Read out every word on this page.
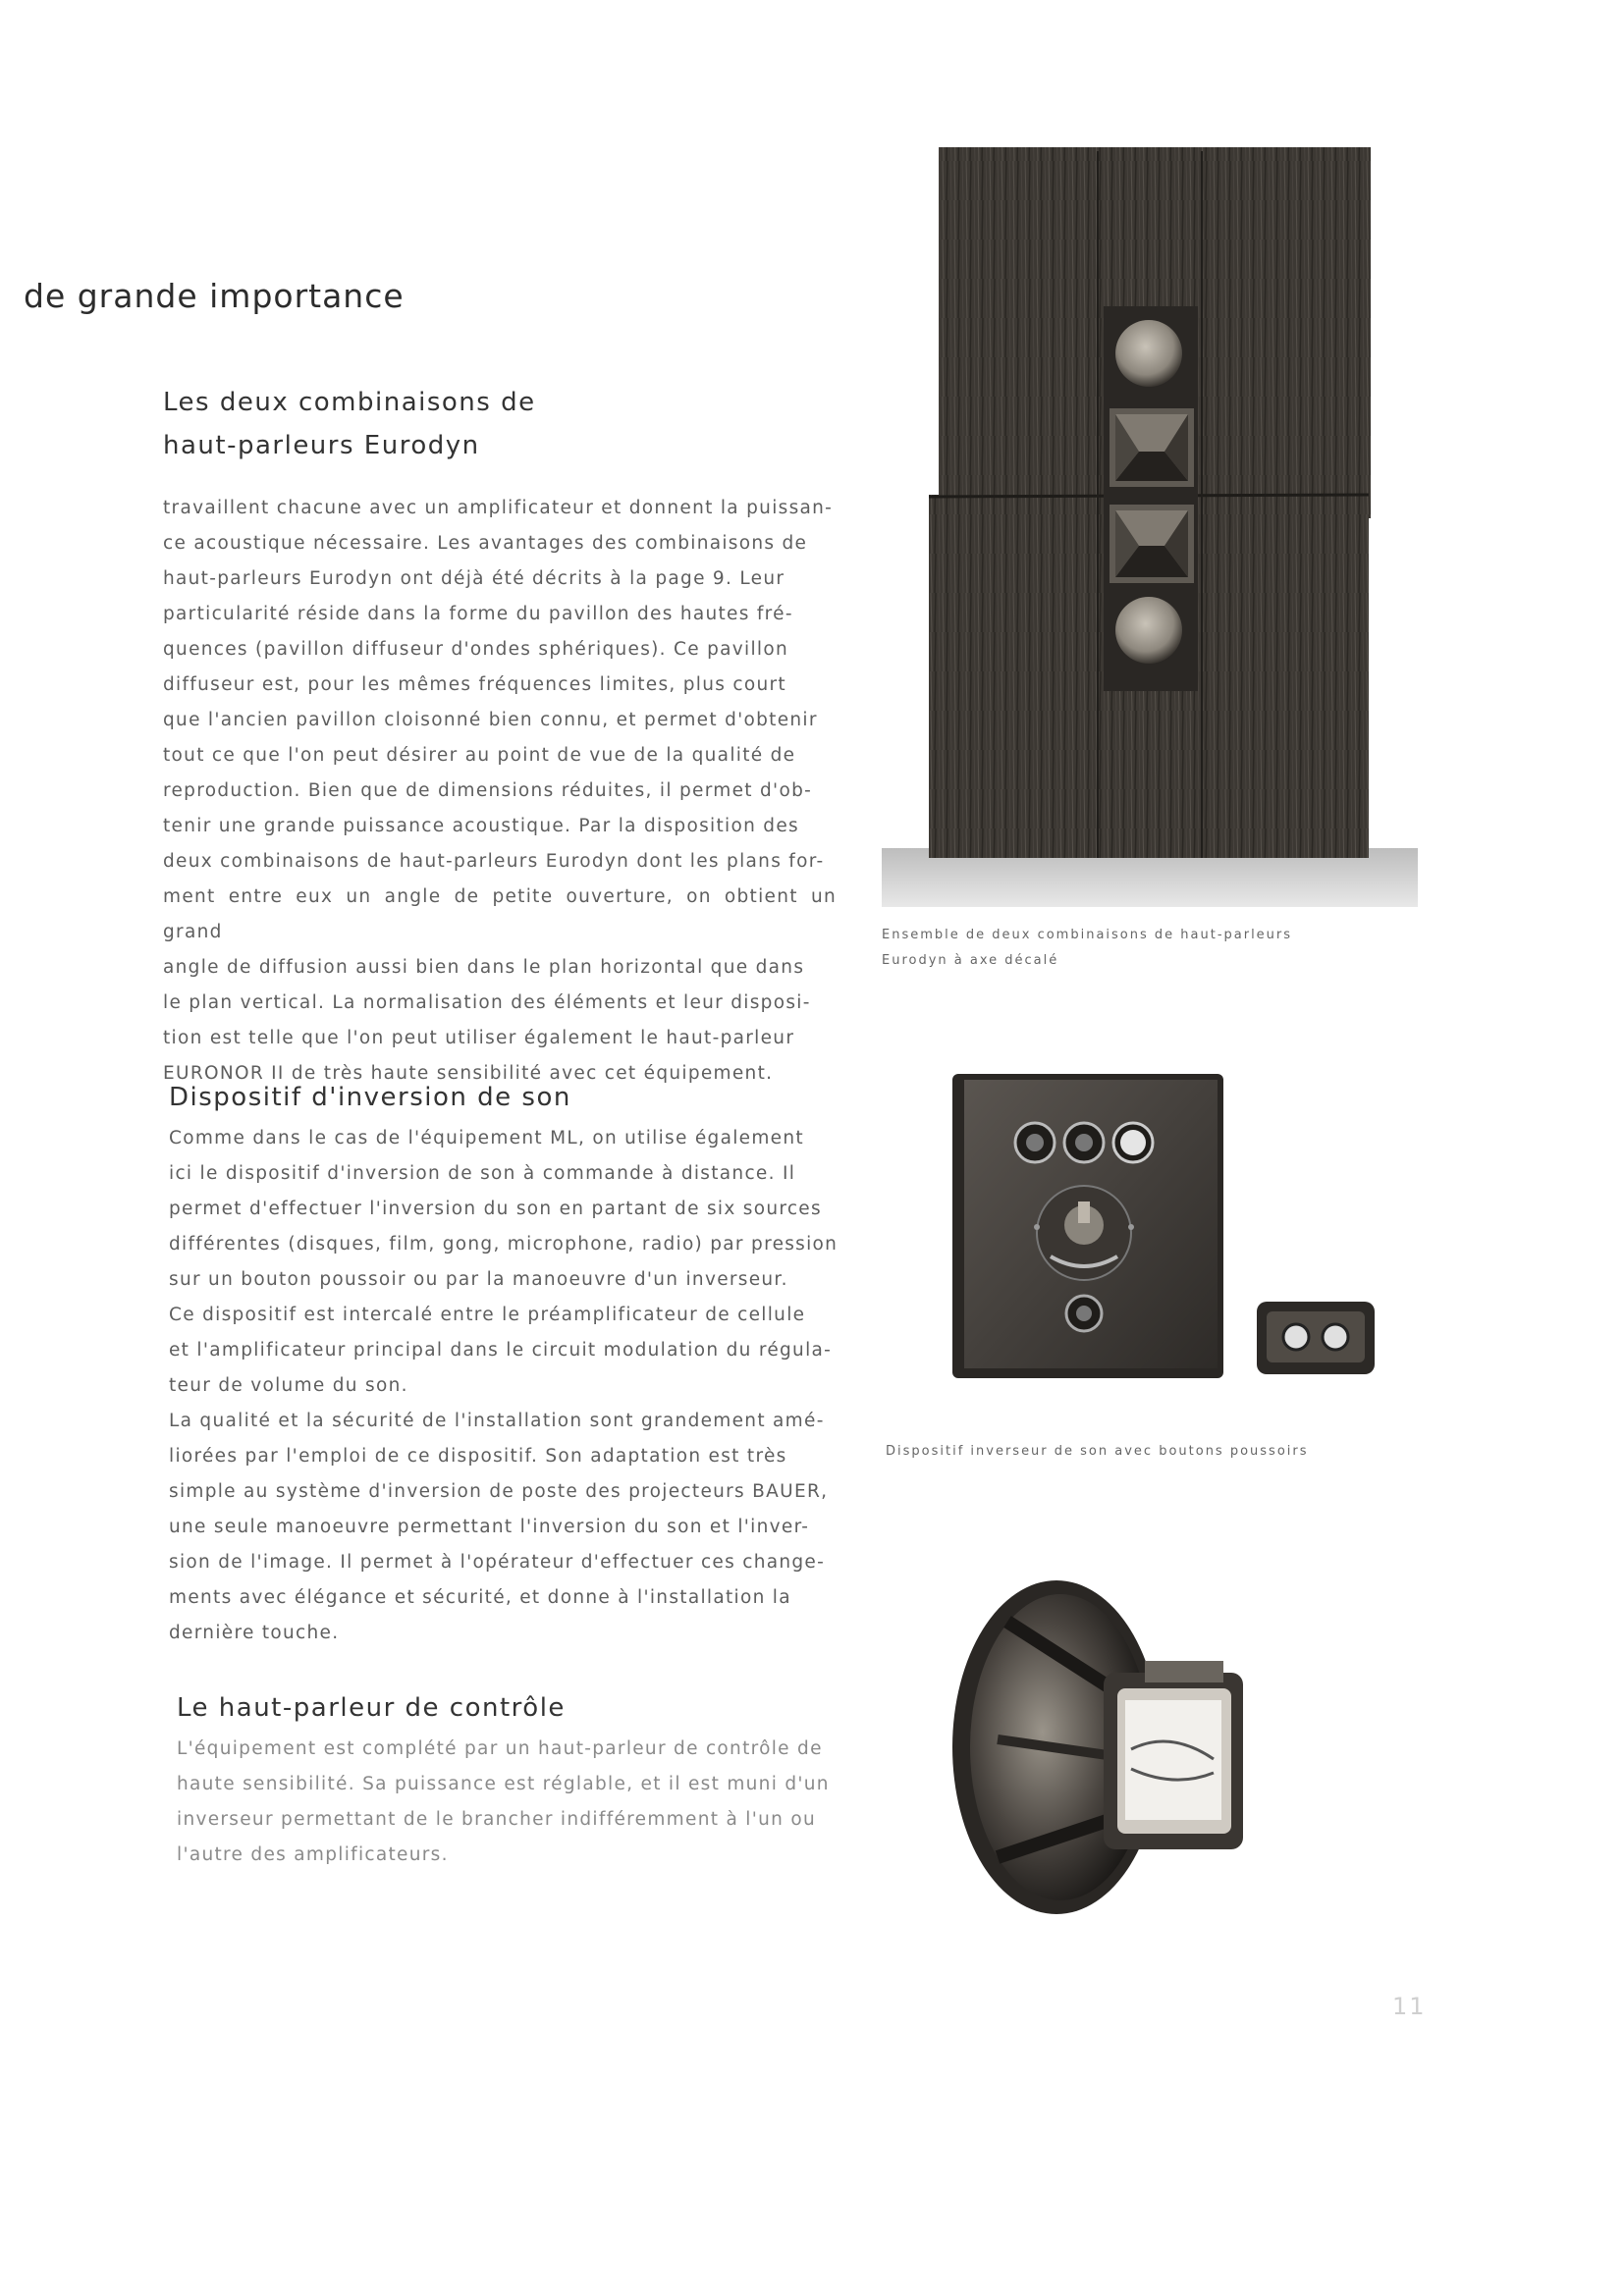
de grande importance
Les deux combinaisons de
haut-parleurs Eurodyn
travaillent chacune avec un amplificateur et donnent la puissan-
ce acoustique nécessaire. Les avantages des combinaisons de
haut-parleurs Eurodyn ont déjà été décrits à la page 9. Leur
particularité réside dans la forme du pavillon des hautes fré-
quences (pavillon diffuseur d'ondes sphériques). Ce pavillon
diffuseur est, pour les mêmes fréquences limites, plus court
que l'ancien pavillon cloisonné bien connu, et permet d'obtenir
tout ce que l'on peut désirer au point de vue de la qualité de
reproduction. Bien que de dimensions réduites, il permet d'ob-
tenir une grande puissance acoustique. Par la disposition des
deux combinaisons de haut-parleurs Eurodyn dont les plans for-
ment entre eux un angle de petite ouverture, on obtient un grand
angle de diffusion aussi bien dans le plan horizontal que dans
le plan vertical. La normalisation des éléments et leur disposi-
tion est telle que l'on peut utiliser également le haut-parleur
EURONOR II de très haute sensibilité avec cet équipement.
Dispositif d'inversion de son
Comme dans le cas de l'équipement ML, on utilise également
ici le dispositif d'inversion de son à commande à distance. Il
permet d'effectuer l'inversion du son en partant de six sources
différentes (disques, film, gong, microphone, radio) par pression
sur un bouton poussoir ou par la manoeuvre d'un inverseur.
Ce dispositif est intercalé entre le préamplificateur de cellule
et l'amplificateur principal dans le circuit modulation du régula-
teur de volume du son.
La qualité et la sécurité de l'installation sont grandement amé-
liorées par l'emploi de ce dispositif. Son adaptation est très
simple au système d'inversion de poste des projecteurs BAUER,
une seule manoeuvre permettant l'inversion du son et l'inver-
sion de l'image. Il permet à l'opérateur d'effectuer ces change-
ments avec élégance et sécurité, et donne à l'installation la
dernière touche.
Le haut-parleur de contrôle
L'équipement est complété par un haut-parleur de contrôle de
haute sensibilité. Sa puissance est réglable, et il est muni d'un
inverseur permettant de le brancher indifféremment à l'un ou
l'autre des amplificateurs.
Ensemble de deux combinaisons de haut-parleurs
Eurodyn à axe décalé
Dispositif inverseur de son avec boutons poussoirs
11
